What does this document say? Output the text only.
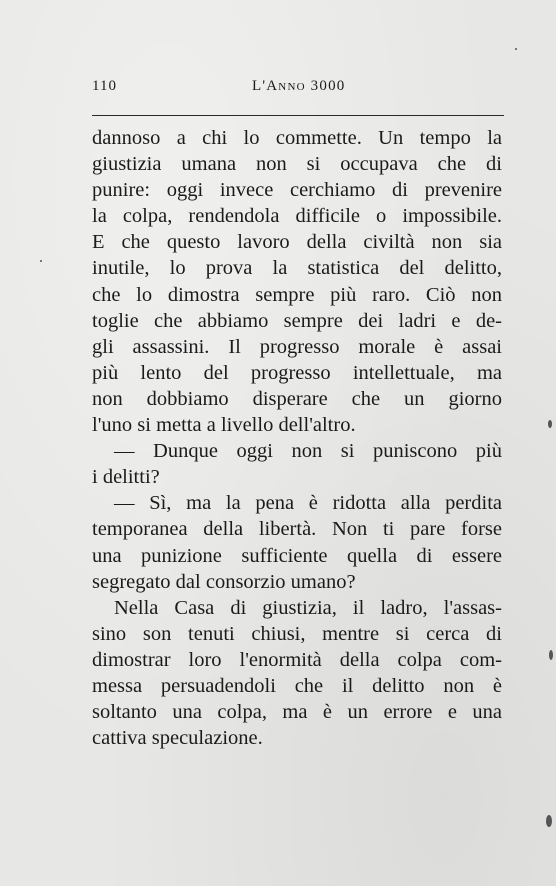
110	L'Anno 3000
dannoso a chi lo commette. Un tempo la
giustizia umana non si occupava che di
punire: oggi invece cerchiamo di prevenire
la colpa, rendendola difficile o impossibile.
E che questo lavoro della civiltà non sia
inutile, lo prova la statistica del delitto,
che lo dimostra sempre più raro. Ciò non
toglie che abbiamo sempre dei ladri e de-
gli assassini. Il progresso morale è assai
più lento del progresso intellettuale, ma
non dobbiamo disperare che un giorno
l'uno si metta a livello dell'altro.
— Dunque oggi non si puniscono più
i delitti?
— Sì, ma la pena è ridotta alla perdita
temporanea della libertà. Non ti pare forse
una punizione sufficiente quella di essere
segregato dal consorzio umano?
Nella Casa di giustizia, il ladro, l'assas-
sino son tenuti chiusi, mentre si cerca di
dimostrar loro l'enormità della colpa com-
messa persuadendoli che il delitto non è
soltanto una colpa, ma è un errore e una
cattiva speculazione.
